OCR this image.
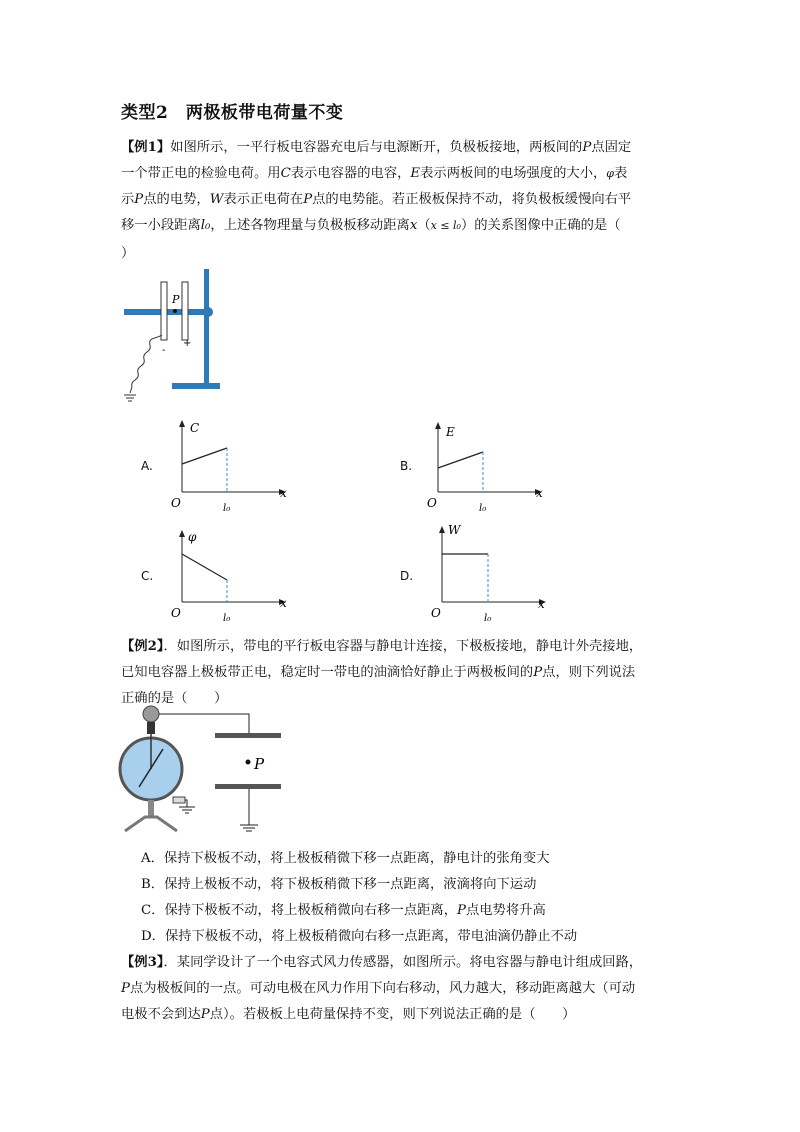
类型2　两极板带电荷量不变
【例1】如图所示，一平行板电容器充电后与电源断开，负极板接地，两板间的P点固定
一个带正电的检验电荷。用C表示电容器的电容，E表示两板间的电场强度的大小，φ表
示P点的电势，W表示正电荷在P点的电势能。若正极板保持不动，将负极板缓慢向右平
移一小段距离l₀，上述各物理量与负极板移动距离x（x ≤ l₀）的关系图像中正确的是（
）
P
-
+
A.
C
O
x
l₀
B.
E
O
x
l₀
C.
φ
O
x
l₀
D.
W
O
x
l₀
【例2】．如图所示，带电的平行板电容器与静电计连接，下极板接地，静电计外壳接地，
已知电容器上极板带正电，稳定时一带电的油滴恰好静止于两极板间的P点，则下列说法
正确的是（　　）
P
A．保持下极板不动，将上极板稍微下移一点距离，静电计的张角变大
B．保持上极板不动，将下极板稍微下移一点距离，液滴将向下运动
C．保持下极板不动，将上极板稍微向右移一点距离，P点电势将升高
D．保持下极板不动，将上极板稍微向右移一点距离，带电油滴仍静止不动
【例3】．某同学设计了一个电容式风力传感器，如图所示。将电容器与静电计组成回路，
P点为极板间的一点。可动电极在风力作用下向右移动，风力越大，移动距离越大（可动
电极不会到达P点）。若极板上电荷量保持不变，则下列说法正确的是（　　）
